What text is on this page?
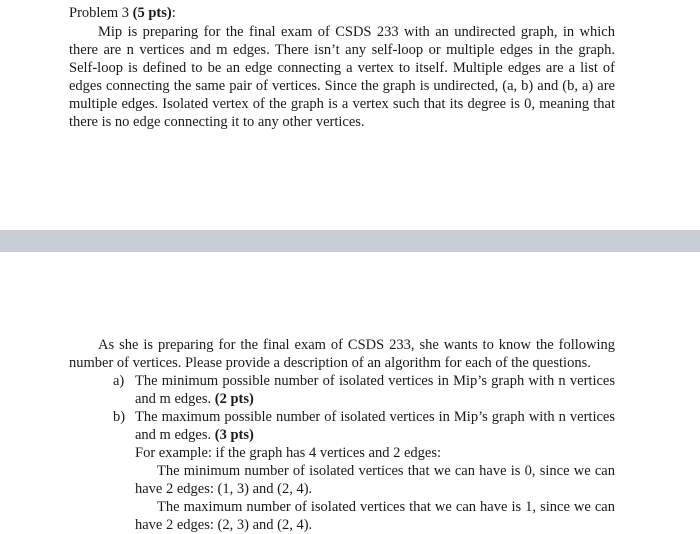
Problem 3 (5 pts):
Mip is preparing for the final exam of CSDS 233 with an undirected graph, in which
there are n vertices and m edges. There isn’t any self-loop or multiple edges in the graph.
Self-loop is defined to be an edge connecting a vertex to itself. Multiple edges are a list of
edges connecting the same pair of vertices. Since the graph is undirected, (a, b) and (b, a) are
multiple edges. Isolated vertex of the graph is a vertex such that its degree is 0, meaning that
there is no edge connecting it to any other vertices.
As she is preparing for the final exam of CSDS 233, she wants to know the following
number of vertices. Please provide a description of an algorithm for each of the questions.
a) The minimum possible number of isolated vertices in Mip’s graph with n vertices
and m edges. (2 pts)
b) The maximum possible number of isolated vertices in Mip’s graph with n vertices
and m edges. (3 pts)
For example: if the graph has 4 vertices and 2 edges:
The minimum number of isolated vertices that we can have is 0, since we can
have 2 edges: (1, 3) and (2, 4).
The maximum number of isolated vertices that we can have is 1, since we can
have 2 edges: (2, 3) and (2, 4).
